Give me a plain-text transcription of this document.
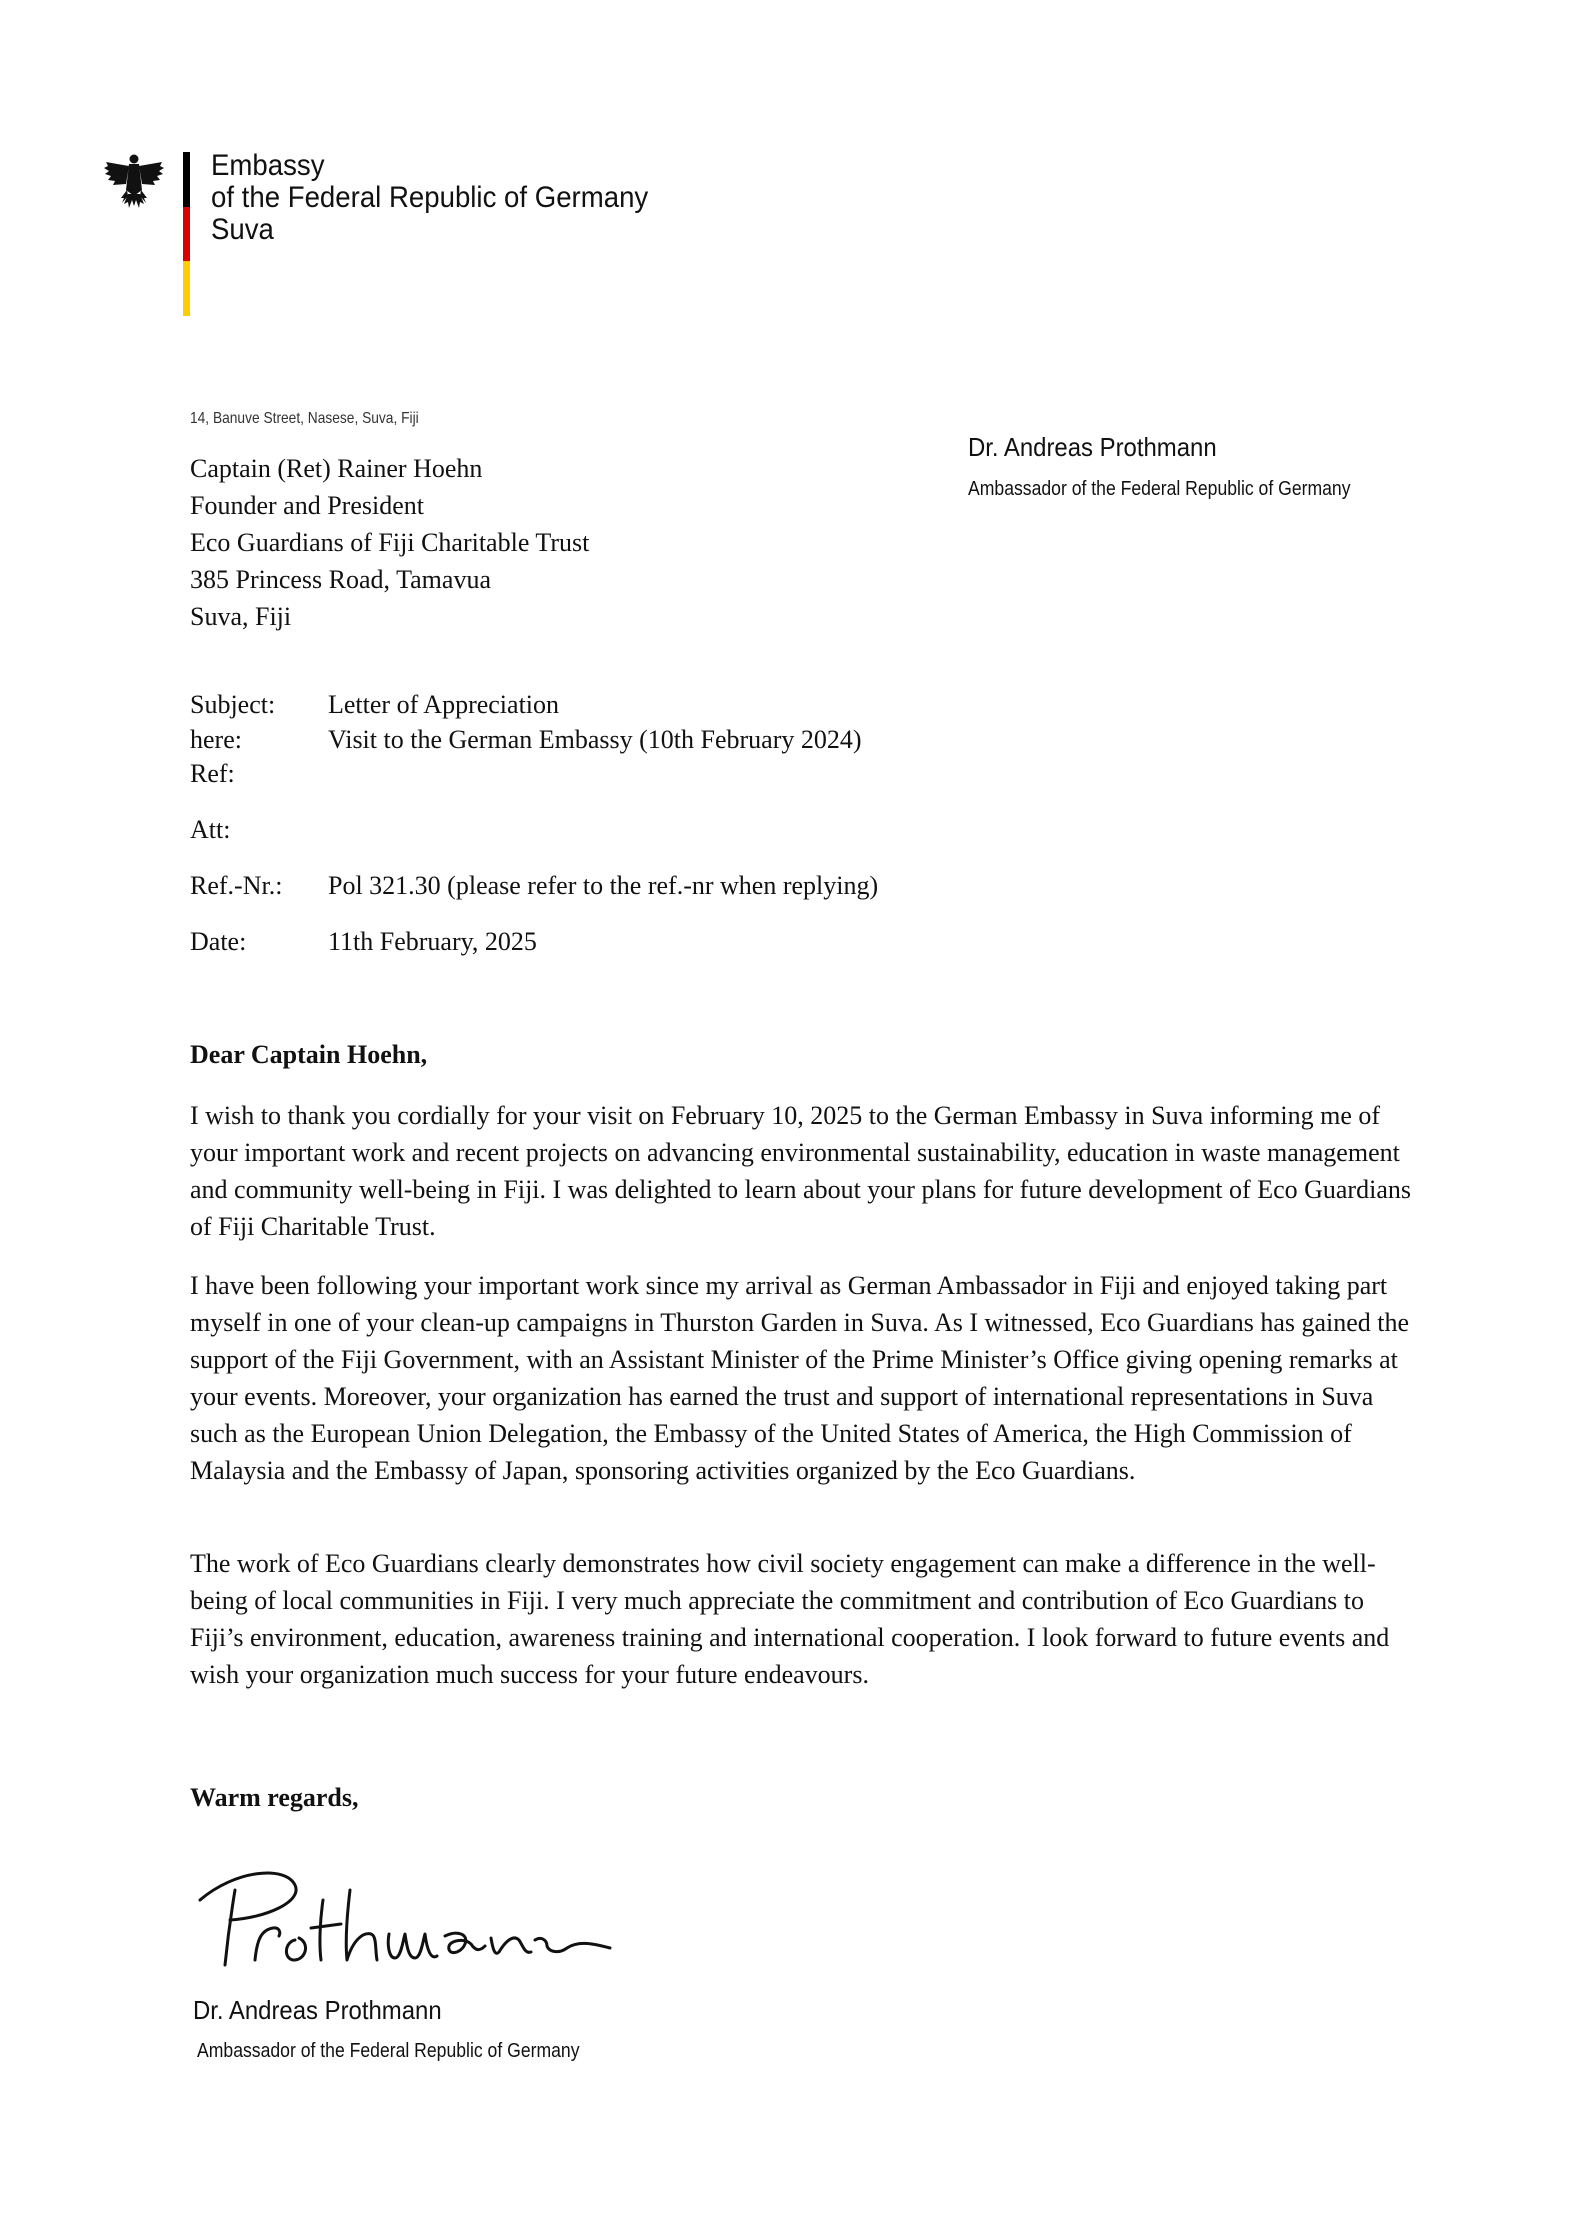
Embassy
of the Federal Republic of Germany
Suva
14, Banuve Street, Nasese, Suva, Fiji
Dr. Andreas Prothmann
Ambassador of the Federal Republic of Germany
Captain (Ret) Rainer Hoehn
Founder and President
Eco Guardians of Fiji Charitable Trust
385 Princess Road, Tamavua
Suva, Fiji
Subject: Letter of Appreciation
here:	Visit to the German Embassy (10th February 2024)
Ref:
Att:
Ref.-Nr.: Pol 321.30 (please refer to the ref.-nr when replying)
Date:	11th February, 2025
Dear Captain Hoehn,
I wish to thank you cordially for your visit on February 10, 2025 to the German Embassy in Suva informing me of your important work and recent projects on advancing environmental sustainability, education in waste management and community well-being in Fiji. I was delighted to learn about your plans for future development of Eco Guardians of Fiji Charitable Trust.
I have been following your important work since my arrival as German Ambassador in Fiji and enjoyed taking part myself in one of your clean-up campaigns in Thurston Garden in Suva. As I witnessed, Eco Guardians has gained the support of the Fiji Government, with an Assistant Minister of the Prime Minister’s Office giving opening remarks at your events. Moreover, your organization has earned the trust and support of international representations in Suva such as the European Union Delegation, the Embassy of the United States of America, the High Commission of Malaysia and the Embassy of Japan, sponsoring activities organized by the Eco Guardians.
The work of Eco Guardians clearly demonstrates how civil society engagement can make a difference in the well-being of local communities in Fiji. I very much appreciate the commitment and contribution of Eco Guardians to Fiji’s environment, education, awareness training and international cooperation. I look forward to future events and wish your organization much success for your future endeavours.
Warm regards,
Dr. Andreas Prothmann
Ambassador of the Federal Republic of Germany
